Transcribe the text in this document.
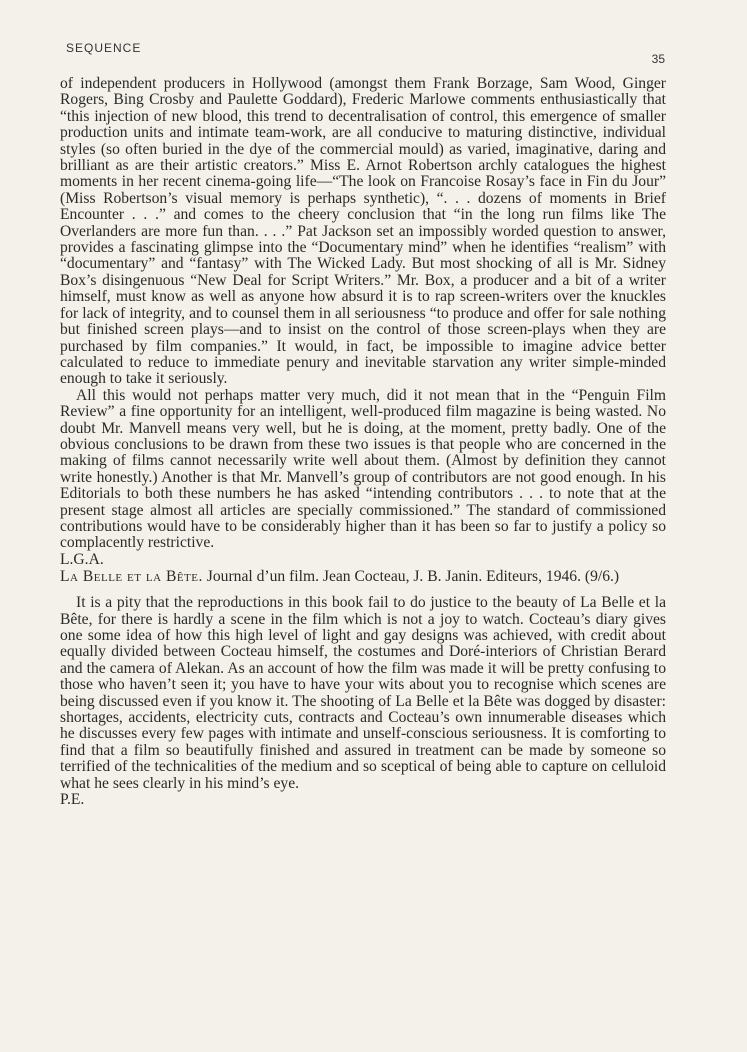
SEQUENCE
35

of independent producers in Hollywood (amongst them Frank Borzage, Sam Wood, Ginger Rogers, Bing Crosby and Paulette Goddard), Frederic Marlowe comments enthusiastically that “this injection of new blood, this trend to decentralisation of control, this emergence of smaller production units and intimate team-work, are all conducive to maturing distinctive, individual styles (so often buried in the dye of the commercial mould) as varied, imaginative, daring and brilliant as are their artistic creators.” Miss E. Arnot Robertson archly catalogues the highest moments in her recent cinema-going life—“The look on Francoise Rosay’s face in Fin du Jour” (Miss Robertson’s visual memory is perhaps synthetic), “. . . dozens of moments in Brief Encounter . . .” and comes to the cheery conclusion that “in the long run films like The Overlanders are more fun than. . . .” Pat Jackson set an impossibly worded question to answer, provides a fascinating glimpse into the “Documentary mind” when he identifies “realism” with “documentary” and “fantasy” with The Wicked Lady. But most shocking of all is Mr. Sidney Box’s disingenuous “New Deal for Script Writers.” Mr. Box, a producer and a bit of a writer himself, must know as well as anyone how absurd it is to rap screen-writers over the knuckles for lack of integrity, and to counsel them in all seriousness “to produce and offer for sale nothing but finished screen plays—and to insist on the control of those screen-plays when they are purchased by film companies.” It would, in fact, be impossible to imagine advice better calculated to reduce to immediate penury and inevitable starvation any writer simple-minded enough to take it seriously.

All this would not perhaps matter very much, did it not mean that in the “Penguin Film Review” a fine opportunity for an intelligent, well-produced film magazine is being wasted. No doubt Mr. Manvell means very well, but he is doing, at the moment, pretty badly. One of the obvious conclusions to be drawn from these two issues is that people who are concerned in the making of films cannot necessarily write well about them. (Almost by definition they cannot write honestly.) Another is that Mr. Manvell’s group of contributors are not good enough. In his Editorials to both these numbers he has asked “intending contributors . . . to note that at the present stage almost all articles are specially commissioned.” The standard of commissioned contributions would have to be considerably higher than it has been so far to justify a policy so complacently restrictive.

L.G.A.

La Belle et la Bête. Journal d’un film. Jean Cocteau, J. B. Janin. Editeurs, 1946. (9/6.)

It is a pity that the reproductions in this book fail to do justice to the beauty of La Belle et la Bête, for there is hardly a scene in the film which is not a joy to watch. Cocteau’s diary gives one some idea of how this high level of light and gay designs was achieved, with credit about equally divided between Cocteau himself, the costumes and Doré-interiors of Christian Berard and the camera of Alekan. As an account of how the film was made it will be pretty confusing to those who haven’t seen it; you have to have your wits about you to recognise which scenes are being discussed even if you know it. The shooting of La Belle et la Bête was dogged by disaster: shortages, accidents, electricity cuts, contracts and Cocteau’s own innumerable diseases which he discusses every few pages with intimate and unself-conscious seriousness. It is comforting to find that a film so beautifully finished and assured in treatment can be made by someone so terrified of the technicalities of the medium and so sceptical of being able to capture on celluloid what he sees clearly in his mind’s eye.

P.E.
